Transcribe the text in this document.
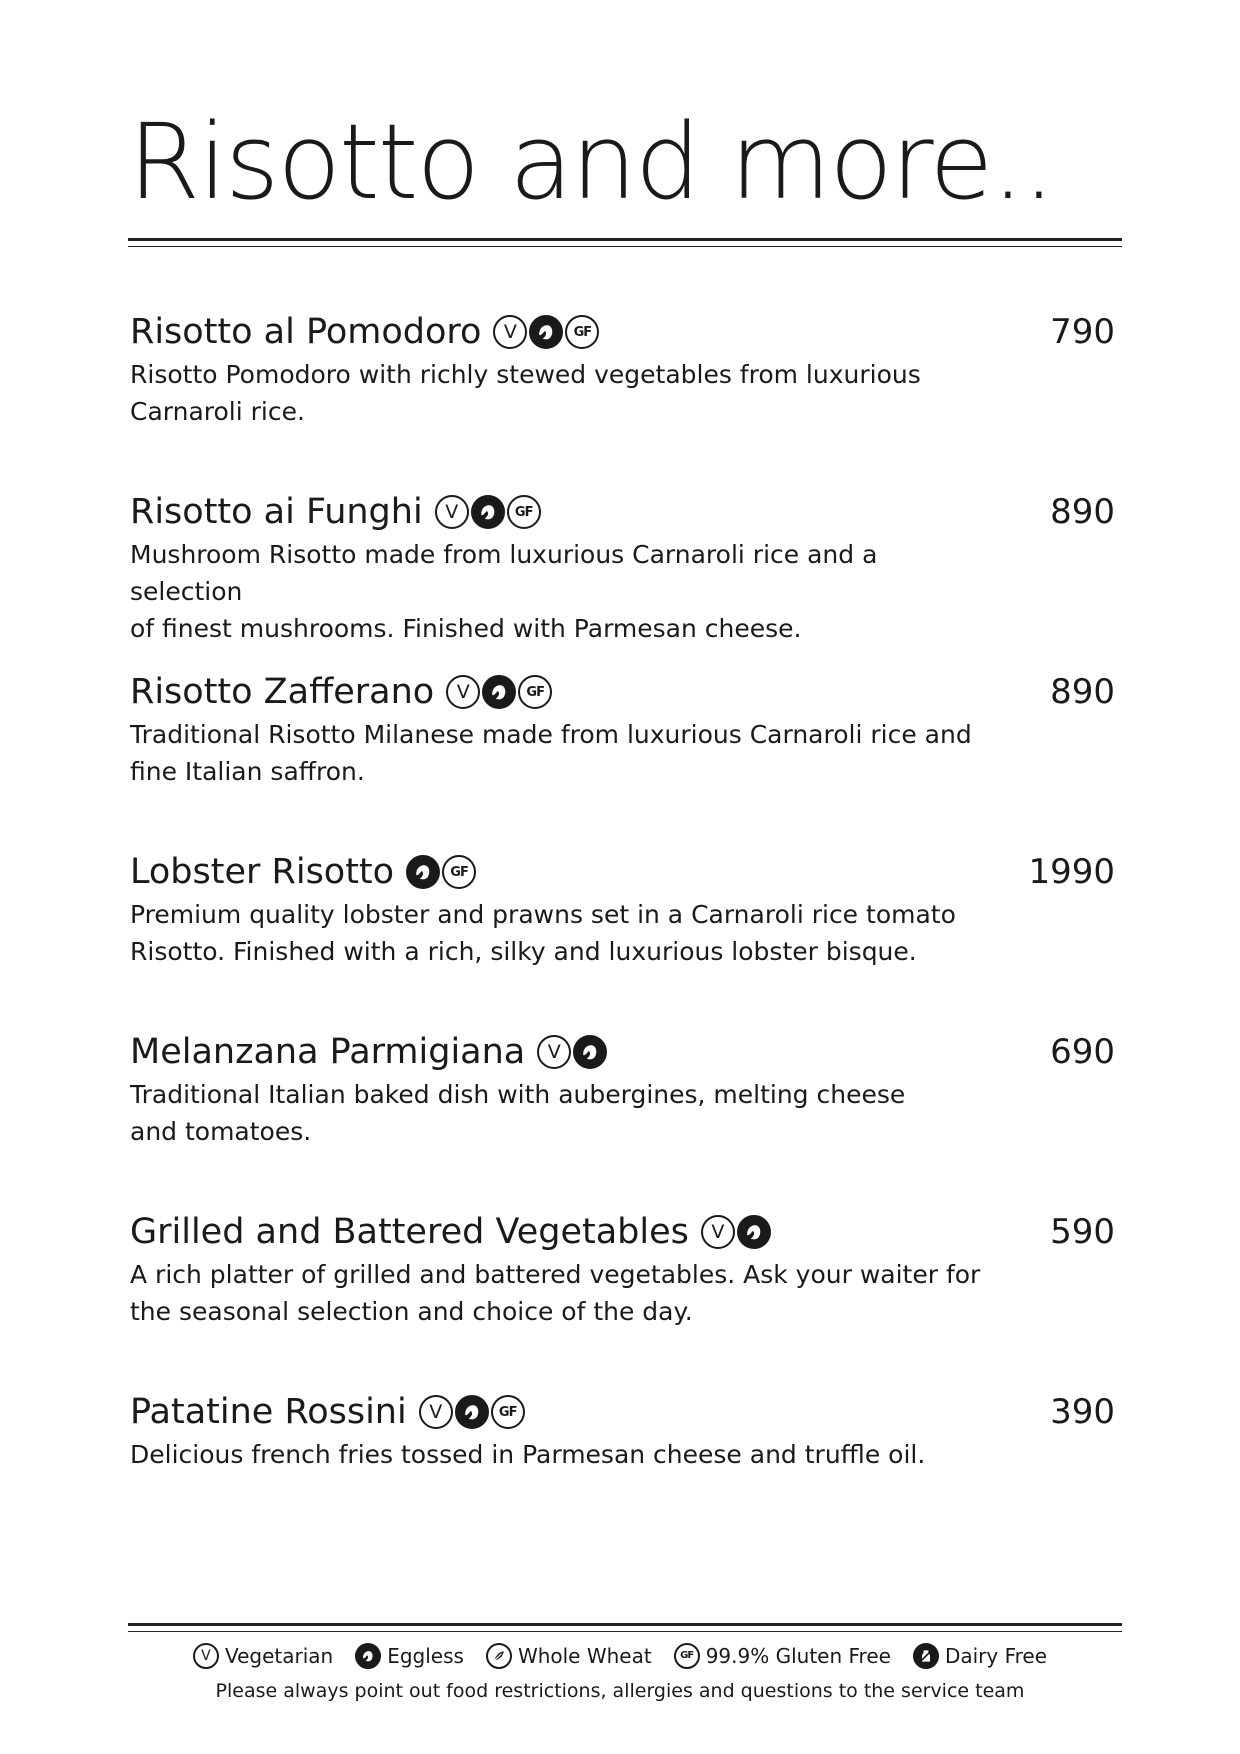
Risotto and more..
Risotto al Pomodoro V	GF	790
Risotto Pomodoro with richly stewed vegetables from luxurious
Carnaroli rice.
Risotto ai Funghi V	GF	890
Mushroom Risotto made from luxurious Carnaroli rice and a selection
of finest mushrooms. Finished with Parmesan cheese.
Risotto Zafferano V	GF	890
Traditional Risotto Milanese made from luxurious Carnaroli rice and
fine Italian saffron.
Lobster Risotto	GF	1990
Premium quality lobster and prawns set in a Carnaroli rice tomato
Risotto. Finished with a rich, silky and luxurious lobster bisque.
Melanzana Parmigiana V	690
Traditional Italian baked dish with aubergines, melting cheese
and tomatoes.
Grilled and Battered Vegetables V	590
A rich platter of grilled and battered vegetables. Ask your waiter for
the seasonal selection and choice of the day.
Patatine Rossini V	GF	390
Delicious french fries tossed in Parmesan cheese and truffle oil.
V Vegetarian	Eggless	Whole Wheat	GF 99.9% Gluten Free	Dairy Free
Please always point out food restrictions, allergies and questions to the service team
